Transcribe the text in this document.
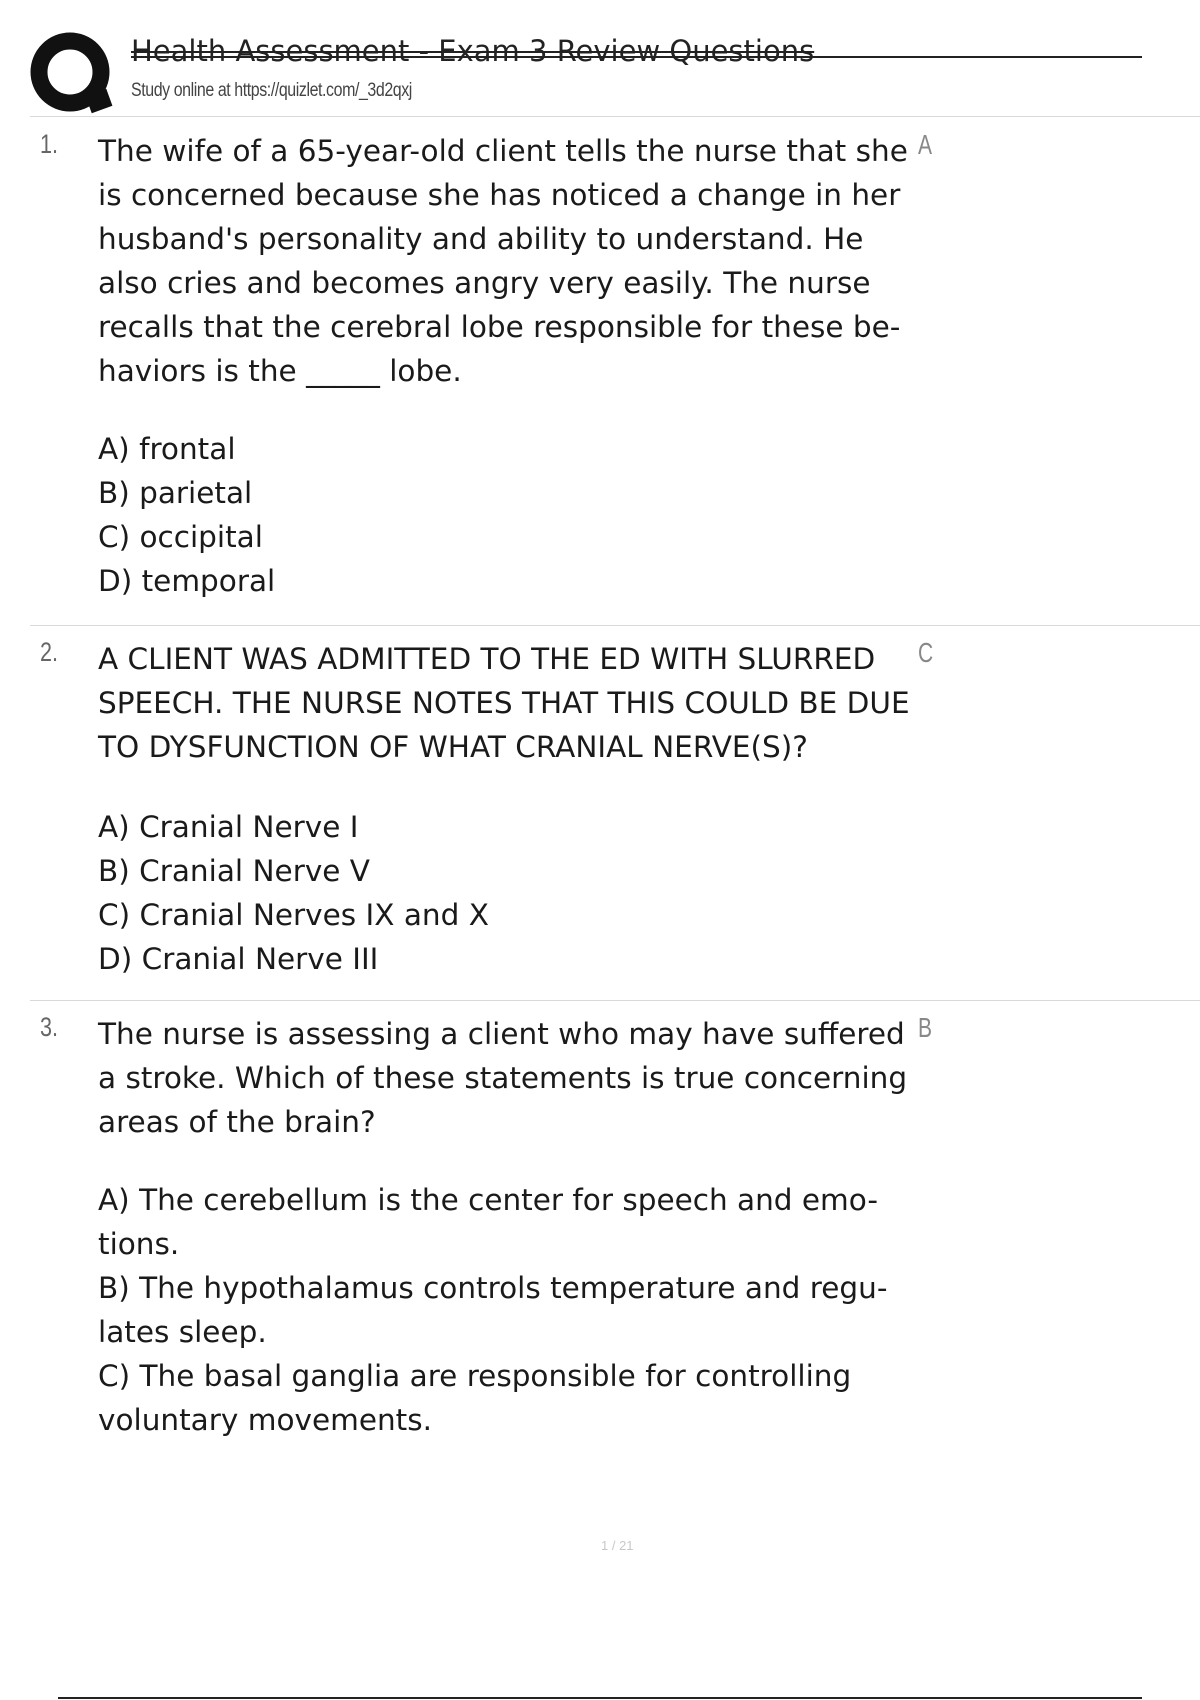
Health Assessment - Exam 3 Review Questions
Study online at https://quizlet.com/_3d2qxj
1. The wife of a 65-year-old client tells the nurse that she is concerned because she has noticed a change in her husband's personality and ability to understand. He also cries and becomes angry very easily. The nurse recalls that the cerebral lobe responsible for these be- haviors is the _____ lobe.
A
A) frontal
B) parietal
C) occipital
D) temporal
2. A CLIENT WAS ADMITTED TO THE ED WITH SLURRED SPEECH. THE NURSE NOTES THAT THIS COULD BE DUE TO DYSFUNCTION OF WHAT CRANIAL NERVE(S)?
C
A) Cranial Nerve I
B) Cranial Nerve V
C) Cranial Nerves IX and X
D) Cranial Nerve III
3. The nurse is assessing a client who may have suffered a stroke. Which of these statements is true concerning areas of the brain?
B
A) The cerebellum is the center for speech and emo- tions.
B) The hypothalamus controls temperature and regu- lates sleep.
C) The basal ganglia are responsible for controlling voluntary movements.
1 / 21
